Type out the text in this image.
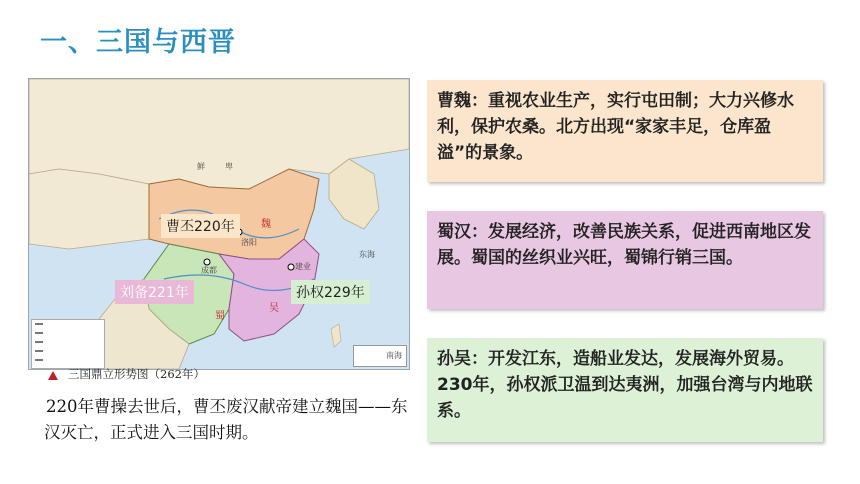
一、三国与西晋
鲜	卑
魏
洛阳
成都
蜀
吴
建业
东海
曹丕220年
刘备221年	孙权229年

南海
三国鼎立形势图（262年）
220年曹操去世后，曹丕废汉献帝建立魏国——东汉灭亡，正式进入三国时期。
曹魏：重视农业生产，实行屯田制；大力兴修水利，保护农桑。北方出现“家家丰足，仓库盈溢”的景象。
蜀汉：发展经济，改善民族关系，促进西南地区发展。蜀国的丝织业兴旺，蜀锦行销三国。
孙吴：开发江东，造船业发达，发展海外贸易。230年，孙权派卫温到达夷洲，加强台湾与内地联系。
